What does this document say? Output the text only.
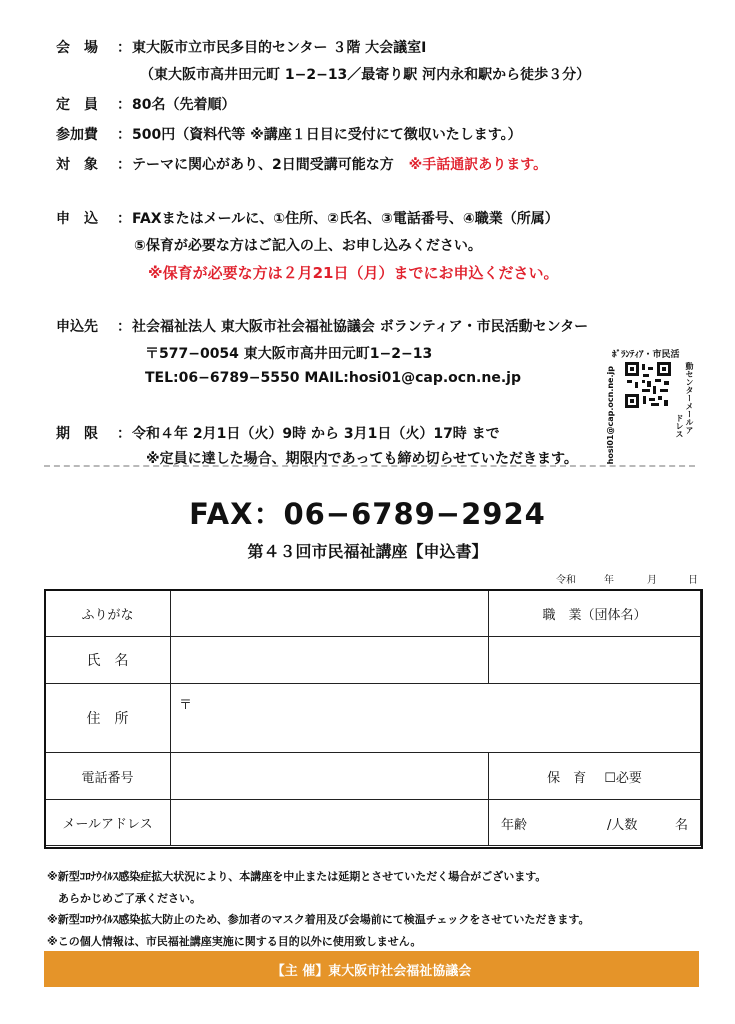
会　場 ：東大阪市立市民多目的センター ３階 大会議室Ⅰ
（東大阪市高井田元町 1−2−13／最寄り駅 河内永和駅から徒歩３分）
定　員 ：80名（先着順）
参加費 ：500円（資料代等 ※講座１日目に受付にて徴収いたします。）
対　象 ：テーマに関心があり、2日間受講可能な方 ※手話通訳あります。
申　込 ：FAXまたはメールに、①住所、②氏名、③電話番号、④職業（所属）
⑤保育が必要な方はご記入の上、お申し込みください。
※保育が必要な方は２月21日（月）までにお申込ください。
申込先 ：社会福祉法人 東大阪市社会福祉協議会 ボランティア・市民活動センター
〒577−0054 東大阪市高井田元町1−2−13
TEL:06−6789−5550 MAIL:hosi01@cap.ocn.ne.jp
ﾎﾞﾗﾝﾃｨｱ・市民活
hosi01@cap.ocn.ne.jp	動センターメールア
ドレス
期　限 ：令和４年 2月1日（火）9時 から 3月1日（火）17時 まで
※定員に達した場合、期限内であっても締め切らせていただきます。
FAX：06−6789−2924
第４３回市民福祉講座【申込書】
令和	年	月	日
ふりがな		職　業（団体名）
氏　名		
住　所	〒	
電話番号		保　育 ☐必要
メールアドレス		年齢 /人数 名
※新型ｺﾛﾅｳｲﾙｽ感染症拡大状況により、本講座を中止または延期とさせていただく場合がございます。
　あらかじめご了承ください。
※新型ｺﾛﾅｳｲﾙｽ感染拡大防止のため、参加者のマスク着用及び会場前にて検温チェックをさせていただきます。
※この個人情報は、市民福祉講座実施に関する目的以外に使用致しません。
【主 催】東大阪市社会福祉協議会
